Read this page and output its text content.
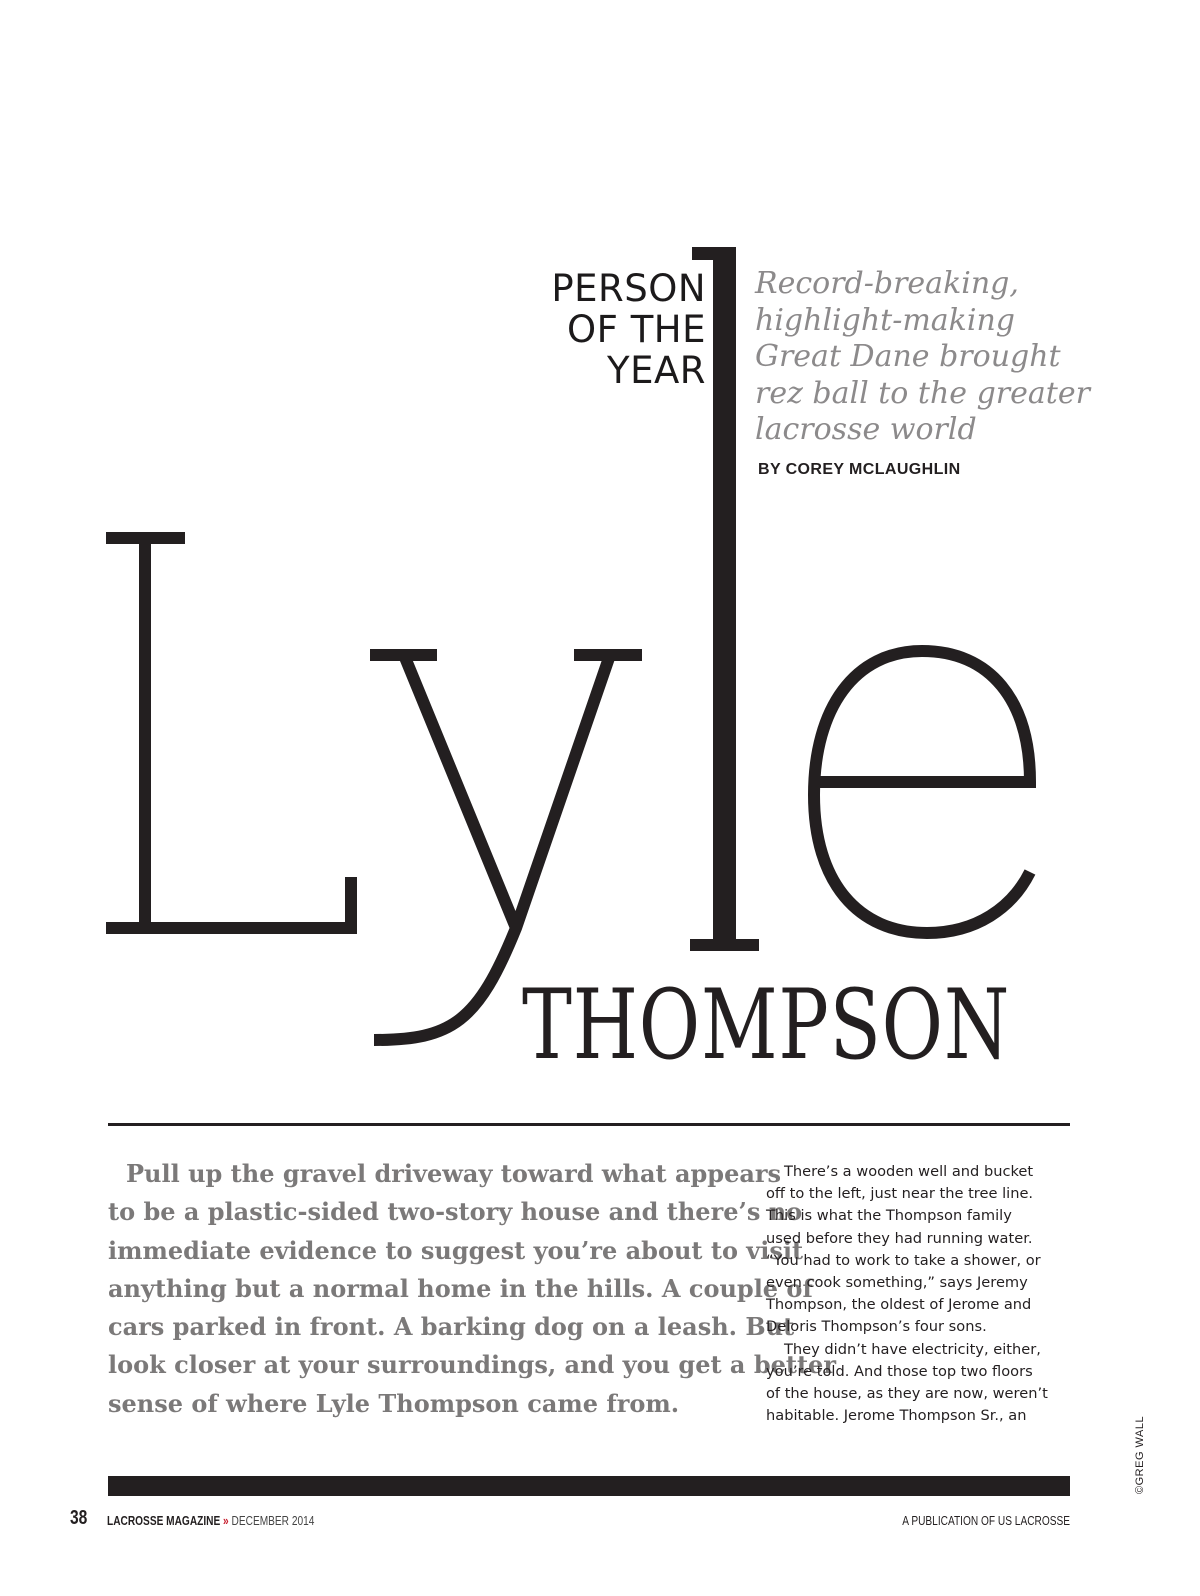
PERSON
OF THE
YEAR
Record-breaking,
highlight-making
Great Dane brought
rez ball to the greater
lacrosse world
BY COREY MCLAUGHLIN
THOMPSON
Pull up the gravel driveway toward what appears
to be a plastic-sided two-story house and there’s no
immediate evidence to suggest you’re about to visit
anything but a normal home in the hills. A couple of
cars parked in front. A barking dog on a leash. But
look closer at your surroundings, and you get a better
sense of where Lyle Thompson came from.
There’s a wooden well and bucket
off to the left, just near the tree line.
This is what the Thompson family
used before they had running water.
“You had to work to take a shower, or
even cook something,” says Jeremy
Thompson, the oldest of Jerome and
Deloris Thompson’s four sons.
They didn’t have electricity, either,
you’re told. And those top two floors
of the house, as they are now, weren’t
habitable. Jerome Thompson Sr., an
©GREG WALL
38 LACROSSE MAGAZINE » DECEMBER 2014	A PUBLICATION OF US LACROSSE
